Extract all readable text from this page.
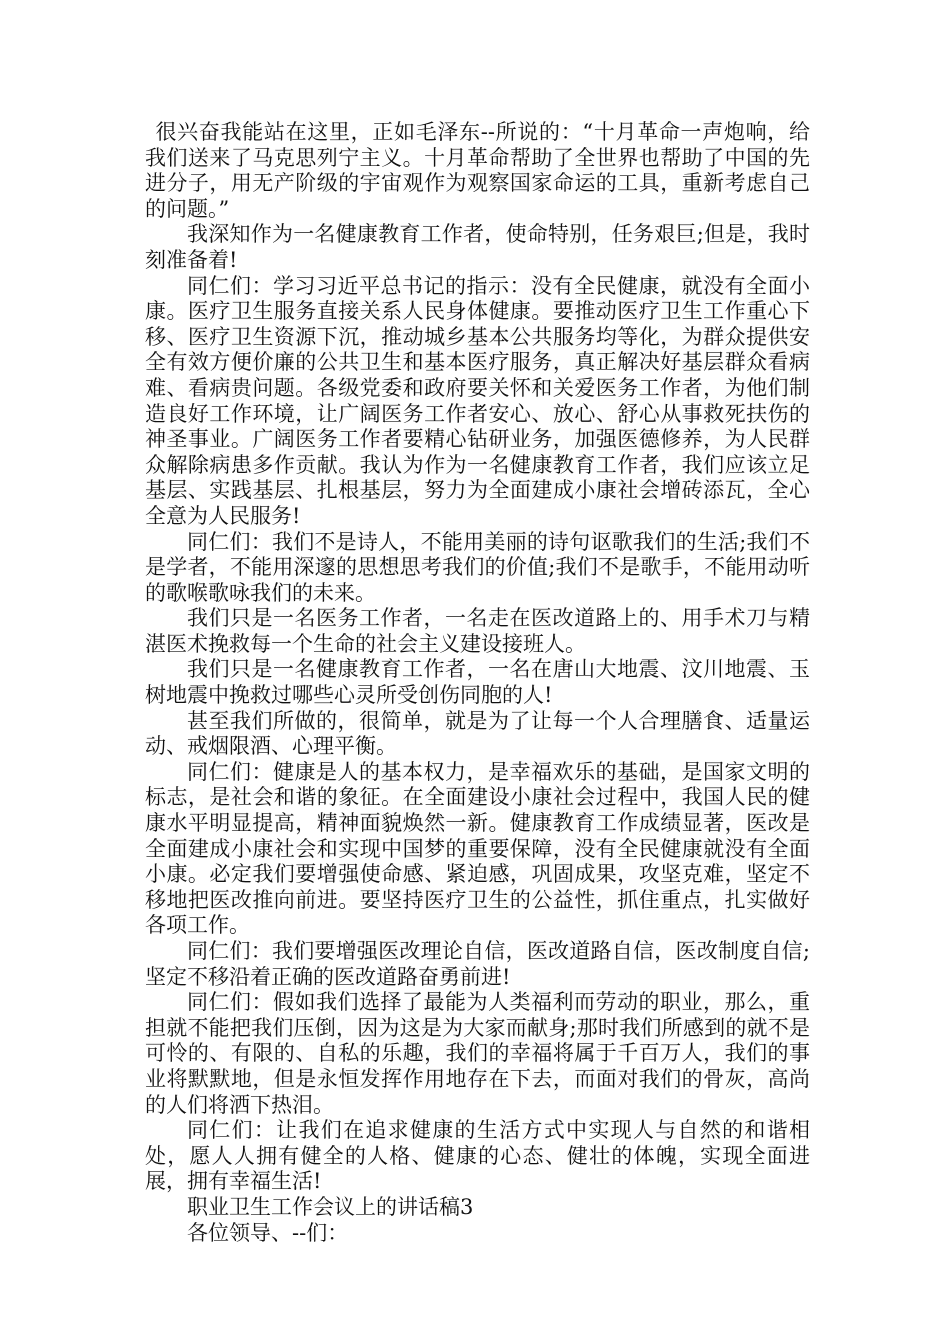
很兴奋我能站在这里，正如毛泽东--所说的：“十月革命一声炮响，给我们送来了马克思列宁主义。十月革命帮助了全世界也帮助了中国的先进分子，用无产阶级的宇宙观作为观察国家命运的工具，重新考虑自己的问题。”

我深知作为一名健康教育工作者，使命特别，任务艰巨;但是，我时刻准备着!

同仁们：学习习近平总书记的指示：没有全民健康，就没有全面小康。医疗卫生服务直接关系人民身体健康。要推动医疗卫生工作重心下移、医疗卫生资源下沉，推动城乡基本公共服务均等化，为群众提供安全有效方便价廉的公共卫生和基本医疗服务，真正解决好基层群众看病难、看病贵问题。各级党委和政府要关怀和关爱医务工作者，为他们制造良好工作环境，让广阔医务工作者安心、放心、舒心从事救死扶伤的神圣事业。广阔医务工作者要精心钻研业务，加强医德修养，为人民群众解除病患多作贡献。我认为作为一名健康教育工作者，我们应该立足基层、实践基层、扎根基层，努力为全面建成小康社会增砖添瓦，全心全意为人民服务!

同仁们：我们不是诗人，不能用美丽的诗句讴歌我们的生活;我们不是学者，不能用深邃的思想思考我们的价值;我们不是歌手，不能用动听的歌喉歌咏我们的未来。

我们只是一名医务工作者，一名走在医改道路上的、用手术刀与精湛医术挽救每一个生命的社会主义建设接班人。

我们只是一名健康教育工作者，一名在唐山大地震、汶川地震、玉树地震中挽救过哪些心灵所受创伤同胞的人!

甚至我们所做的，很简单，就是为了让每一个人合理膳食、适量运动、戒烟限酒、心理平衡。

同仁们：健康是人的基本权力，是幸福欢乐的基础，是国家文明的标志，是社会和谐的象征。在全面建设小康社会过程中，我国人民的健康水平明显提高，精神面貌焕然一新。健康教育工作成绩显著，医改是全面建成小康社会和实现中国梦的重要保障，没有全民健康就没有全面小康。必定我们要增强使命感、紧迫感，巩固成果，攻坚克难，坚定不移地把医改推向前进。要坚持医疗卫生的公益性，抓住重点，扎实做好各项工作。

同仁们：我们要增强医改理论自信，医改道路自信，医改制度自信;坚定不移沿着正确的医改道路奋勇前进!

同仁们：假如我们选择了最能为人类福利而劳动的职业，那么，重担就不能把我们压倒，因为这是为大家而献身;那时我们所感到的就不是可怜的、有限的、自私的乐趣，我们的幸福将属于千百万人，我们的事业将默默地，但是永恒发挥作用地存在下去，而面对我们的骨灰，高尚的人们将洒下热泪。

同仁们：让我们在追求健康的生活方式中实现人与自然的和谐相处，愿人人拥有健全的人格、健康的心态、健壮的体魄，实现全面进展，拥有幸福生活!

职业卫生工作会议上的讲话稿3

各位领导、--们：
